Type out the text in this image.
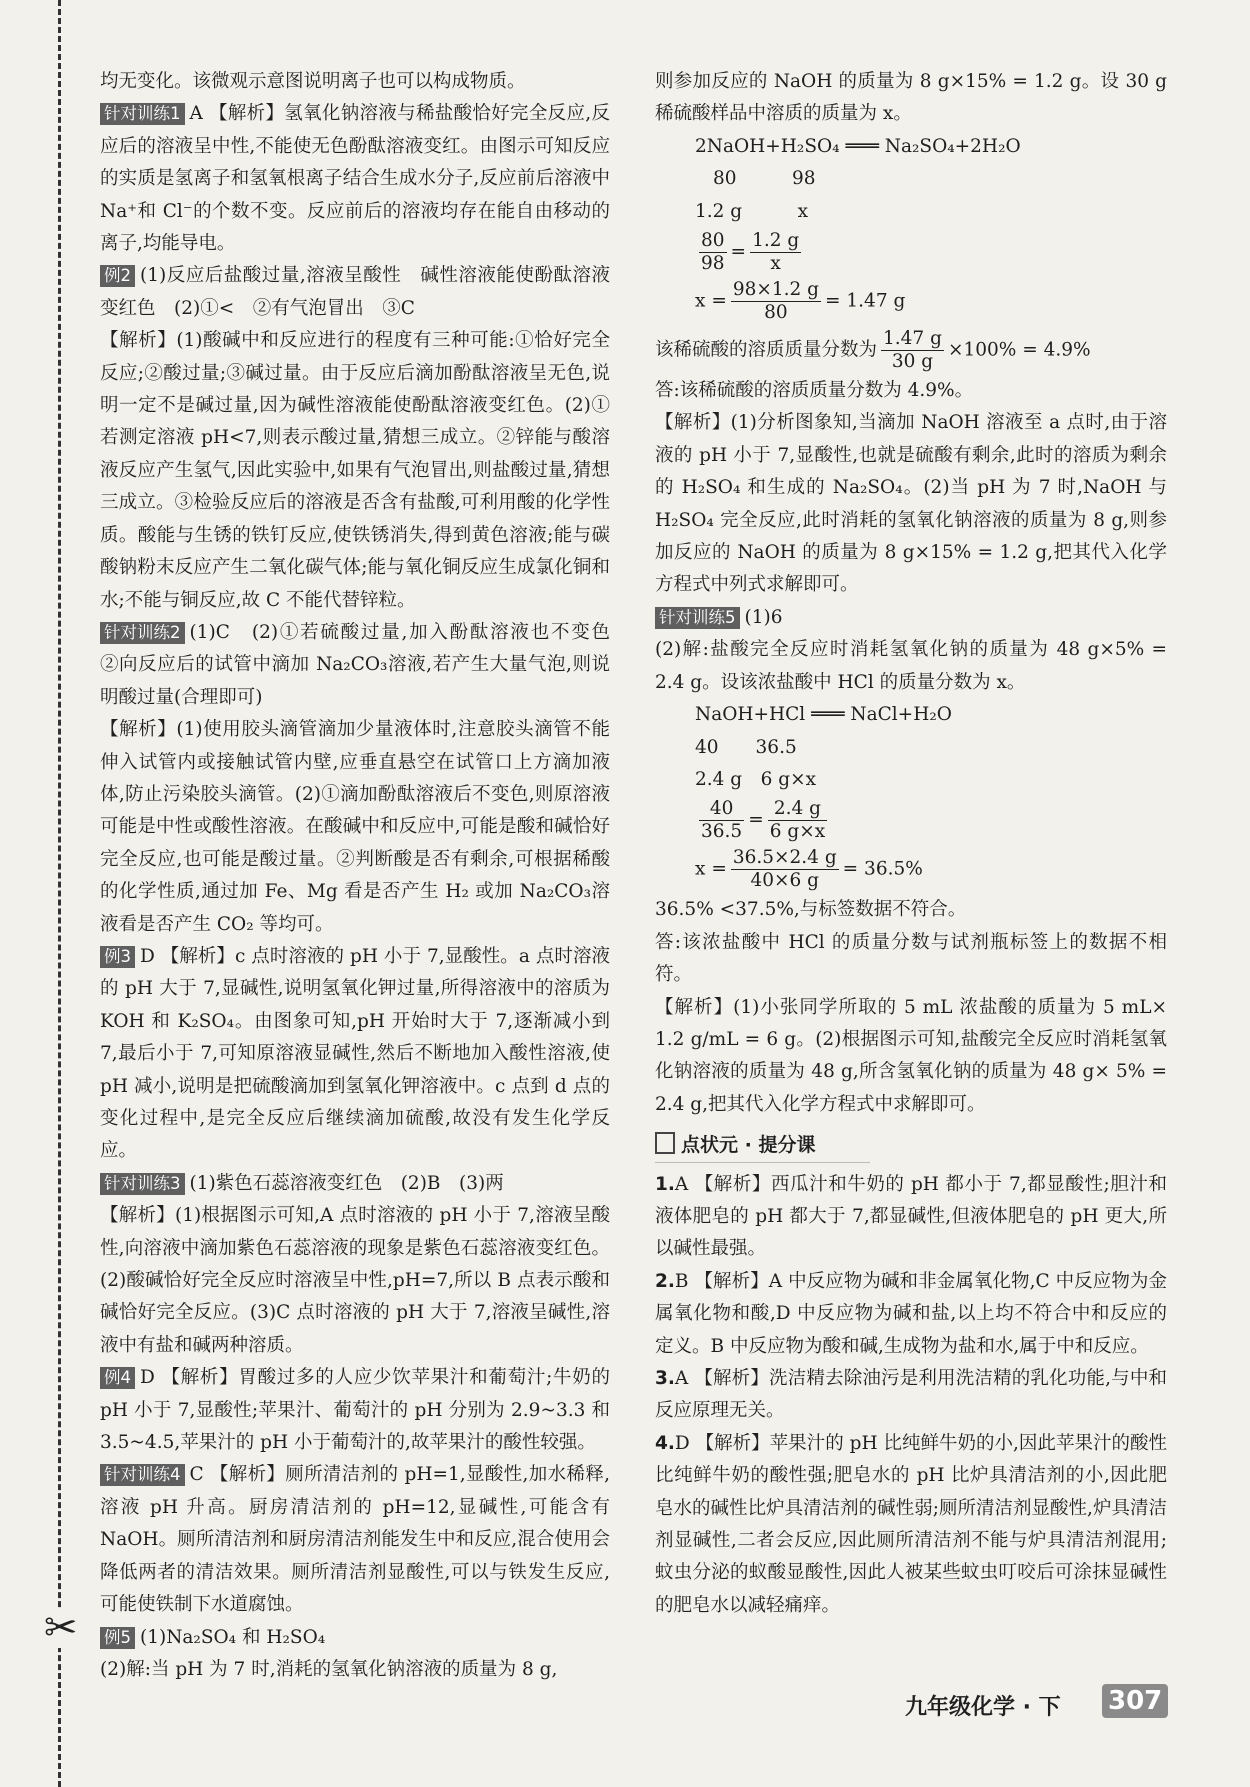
✂

均无变化。该微观示意图说明离子也可以构成物质。

针对训练1 A 【解析】氢氧化钠溶液与稀盐酸恰好完全反应,反应后的溶液呈中性,不能使无色酚酞溶液变红。由图示可知反应的实质是氢离子和氢氧根离子结合生成水分子,反应前后溶液中 Na⁺和 Cl⁻的个数不变。反应前后的溶液均存在能自由移动的离子,均能导电。

例2 (1)反应后盐酸过量,溶液呈酸性　碱性溶液能使酚酞溶液变红色　(2)①<　②有气泡冒出　③C

【解析】(1)酸碱中和反应进行的程度有三种可能:①恰好完全反应;②酸过量;③碱过量。由于反应后滴加酚酞溶液呈无色,说明一定不是碱过量,因为碱性溶液能使酚酞溶液变红色。(2)①若测定溶液 pH<7,则表示酸过量,猜想三成立。②锌能与酸溶液反应产生氢气,因此实验中,如果有气泡冒出,则盐酸过量,猜想三成立。③检验反应后的溶液是否含有盐酸,可利用酸的化学性质。酸能与生锈的铁钉反应,使铁锈消失,得到黄色溶液;能与碳酸钠粉末反应产生二氧化碳气体;能与氧化铜反应生成氯化铜和水;不能与铜反应,故 C 不能代替锌粒。

针对训练2 (1)C　(2)①若硫酸过量,加入酚酞溶液也不变色　②向反应后的试管中滴加 Na₂CO₃溶液,若产生大量气泡,则说明酸过量(合理即可)

【解析】(1)使用胶头滴管滴加少量液体时,注意胶头滴管不能伸入试管内或接触试管内壁,应垂直悬空在试管口上方滴加液体,防止污染胶头滴管。(2)①滴加酚酞溶液后不变色,则原溶液可能是中性或酸性溶液。在酸碱中和反应中,可能是酸和碱恰好完全反应,也可能是酸过量。②判断酸是否有剩余,可根据稀酸的化学性质,通过加 Fe、Mg 看是否产生 H₂ 或加 Na₂CO₃溶液看是否产生 CO₂ 等均可。

例3 D 【解析】c 点时溶液的 pH 小于 7,显酸性。a 点时溶液的 pH 大于 7,显碱性,说明氢氧化钾过量,所得溶液中的溶质为 KOH 和 K₂SO₄。由图象可知,pH 开始时大于 7,逐渐减小到 7,最后小于 7,可知原溶液显碱性,然后不断地加入酸性溶液,使 pH 减小,说明是把硫酸滴加到氢氧化钾溶液中。c 点到 d 点的变化过程中,是完全反应后继续滴加硫酸,故没有发生化学反应。

针对训练3 (1)紫色石蕊溶液变红色　(2)B　(3)两

【解析】(1)根据图示可知,A 点时溶液的 pH 小于 7,溶液呈酸性,向溶液中滴加紫色石蕊溶液的现象是紫色石蕊溶液变红色。(2)酸碱恰好完全反应时溶液呈中性,pH=7,所以 B 点表示酸和碱恰好完全反应。(3)C 点时溶液的 pH 大于 7,溶液呈碱性,溶液中有盐和碱两种溶质。

例4 D 【解析】胃酸过多的人应少饮苹果汁和葡萄汁;牛奶的 pH 小于 7,显酸性;苹果汁、葡萄汁的 pH 分别为 2.9~3.3 和 3.5~4.5,苹果汁的 pH 小于葡萄汁的,故苹果汁的酸性较强。

针对训练4 C 【解析】厕所清洁剂的 pH=1,显酸性,加水稀释,溶液 pH 升高。厨房清洁剂的 pH=12,显碱性,可能含有 NaOH。厕所清洁剂和厨房清洁剂能发生中和反应,混合使用会降低两者的清洁效果。厕所清洁剂显酸性,可以与铁发生反应,可能使铁制下水道腐蚀。

例5 (1)Na₂SO₄ 和 H₂SO₄

(2)解:当 pH 为 7 时,消耗的氢氧化钠溶液的质量为 8 g,

则参加反应的 NaOH 的质量为 8 g×15% = 1.2 g。设 30 g 稀硫酸样品中溶质的质量为 x。

2NaOH+H₂SO₄ ═══ Na₂SO₄+2H₂O
80　　　98
1.2 g　　　x
$\frac{80}{98} = \frac{1.2 g}{x}$
$x = \frac{98\times 1.2 g}{80} = 1.47$ g
该稀硫酸的溶质质量分数为 $\frac{1.47 g}{30 g} \times 100\% = 4.9\%$

答:该稀硫酸的溶质质量分数为 4.9%。

【解析】(1)分析图象知,当滴加 NaOH 溶液至 a 点时,由于溶液的 pH 小于 7,显酸性,也就是硫酸有剩余,此时的溶质为剩余的 H₂SO₄ 和生成的 Na₂SO₄。(2)当 pH 为 7 时,NaOH 与 H₂SO₄ 完全反应,此时消耗的氢氧化钠溶液的质量为 8 g,则参加反应的 NaOH 的质量为 8 g×15% = 1.2 g,把其代入化学方程式中列式求解即可。

针对训练5 (1)6

(2)解:盐酸完全反应时消耗氢氧化钠的质量为 48 g×5% = 2.4 g。设该浓盐酸中 HCl 的质量分数为 x。

NaOH+HCl ═══ NaCl+H₂O
40　　36.5
2.4 g　6 g×x
$\frac{40}{36.5} = \frac{2.4 g}{6 g\times x}$
$x = \frac{36.5\times 2.4 g}{40\times 6 g} = 36.5\%$

36.5% <37.5%,与标签数据不符合。

答:该浓盐酸中 HCl 的质量分数与试剂瓶标签上的数据不相符。

【解析】(1)小张同学所取的 5 mL 浓盐酸的质量为 5 mL× 1.2 g/mL = 6 g。(2)根据图示可知,盐酸完全反应时消耗氢氧化钠溶液的质量为 48 g,所含氢氧化钠的质量为 48 g× 5% = 2.4 g,把其代入化学方程式中求解即可。

点状元 · 提分课

1.A 【解析】西瓜汁和牛奶的 pH 都小于 7,都显酸性;胆汁和液体肥皂的 pH 都大于 7,都显碱性,但液体肥皂的 pH 更大,所以碱性最强。

2.B 【解析】A 中反应物为碱和非金属氧化物,C 中反应物为金属氧化物和酸,D 中反应物为碱和盐,以上均不符合中和反应的定义。B 中反应物为酸和碱,生成物为盐和水,属于中和反应。

3.A 【解析】洗洁精去除油污是利用洗洁精的乳化功能,与中和反应原理无关。

4.D 【解析】苹果汁的 pH 比纯鲜牛奶的小,因此苹果汁的酸性比纯鲜牛奶的酸性强;肥皂水的 pH 比炉具清洁剂的小,因此肥皂水的碱性比炉具清洁剂的碱性弱;厕所清洁剂显酸性,炉具清洁剂显碱性,二者会反应,因此厕所清洁剂不能与炉具清洁剂混用;蚊虫分泌的蚁酸显酸性,因此人被某些蚊虫叮咬后可涂抹显碱性的肥皂水以减轻痛痒。

九年级化学 · 下 307
